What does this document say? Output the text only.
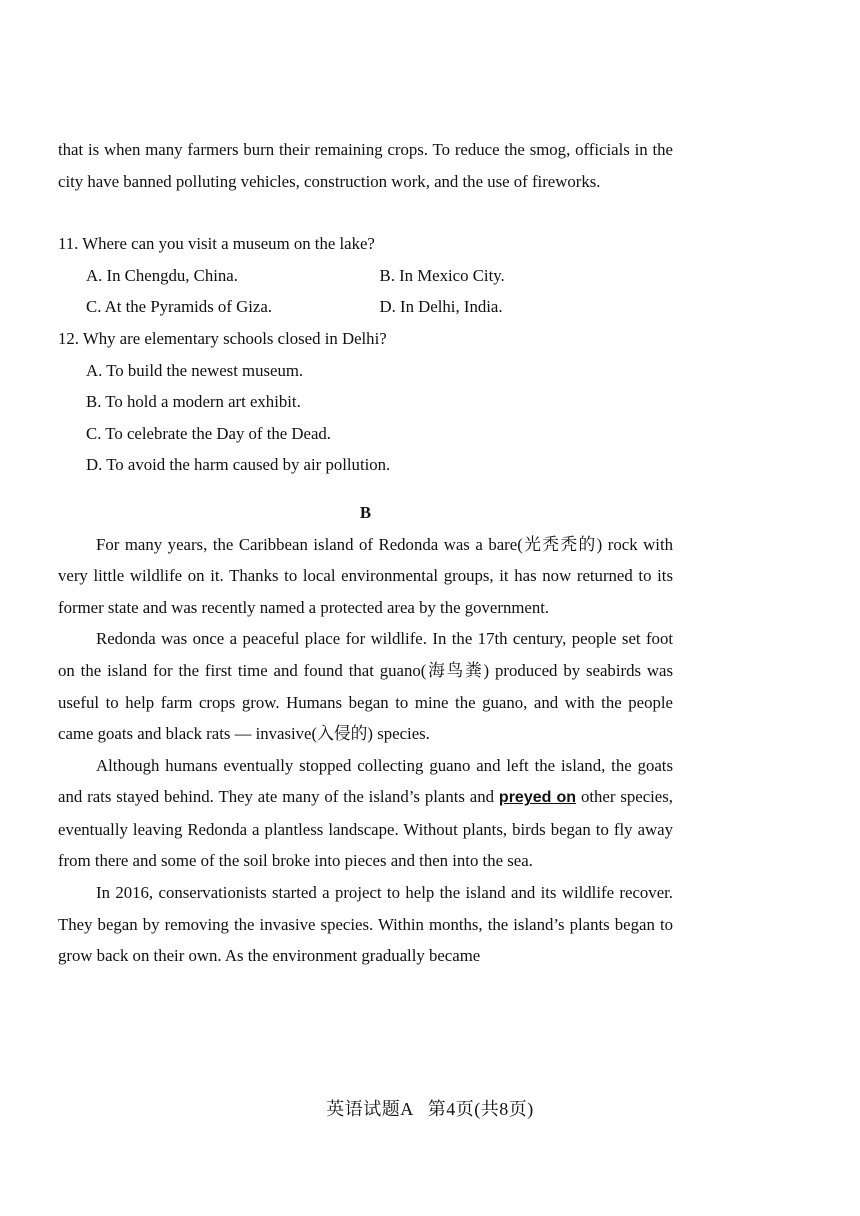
that is when many farmers burn their remaining crops. To reduce the smog, officials in the city have banned polluting vehicles, construction work, and the use of fireworks.

11. Where can you visit a museum on the lake?

A. In Chengdu, China.	B. In Mexico City.
C. At the Pyramids of Giza.	D. In Delhi, India.

12. Why are elementary schools closed in Delhi?

A. To build the newest museum.
B. To hold a modern art exhibit.
C. To celebrate the Day of the Dead.
D. To avoid the harm caused by air pollution.
B

For many years, the Caribbean island of Redonda was a bare(光秃秃的) rock with very little wildlife on it. Thanks to local environmental groups, it has now returned to its former state and was recently named a protected area by the government.

Redonda was once a peaceful place for wildlife. In the 17th century, people set foot on the island for the first time and found that guano(海鸟粪) produced by seabirds was useful to help farm crops grow. Humans began to mine the guano, and with the people came goats and black rats — invasive(入侵的) species.

Although humans eventually stopped collecting guano and left the island, the goats and rats stayed behind. They ate many of the island’s plants and preyed on other species, eventually leaving Redonda a plantless landscape. Without plants, birds began to fly away from there and some of the soil broke into pieces and then into the sea.

In 2016, conservationists started a project to help the island and its wildlife recover. They began by removing the invasive species. Within months, the island’s plants began to grow back on their own. As the environment gradually became

英语试题A 第4页(共8页)
